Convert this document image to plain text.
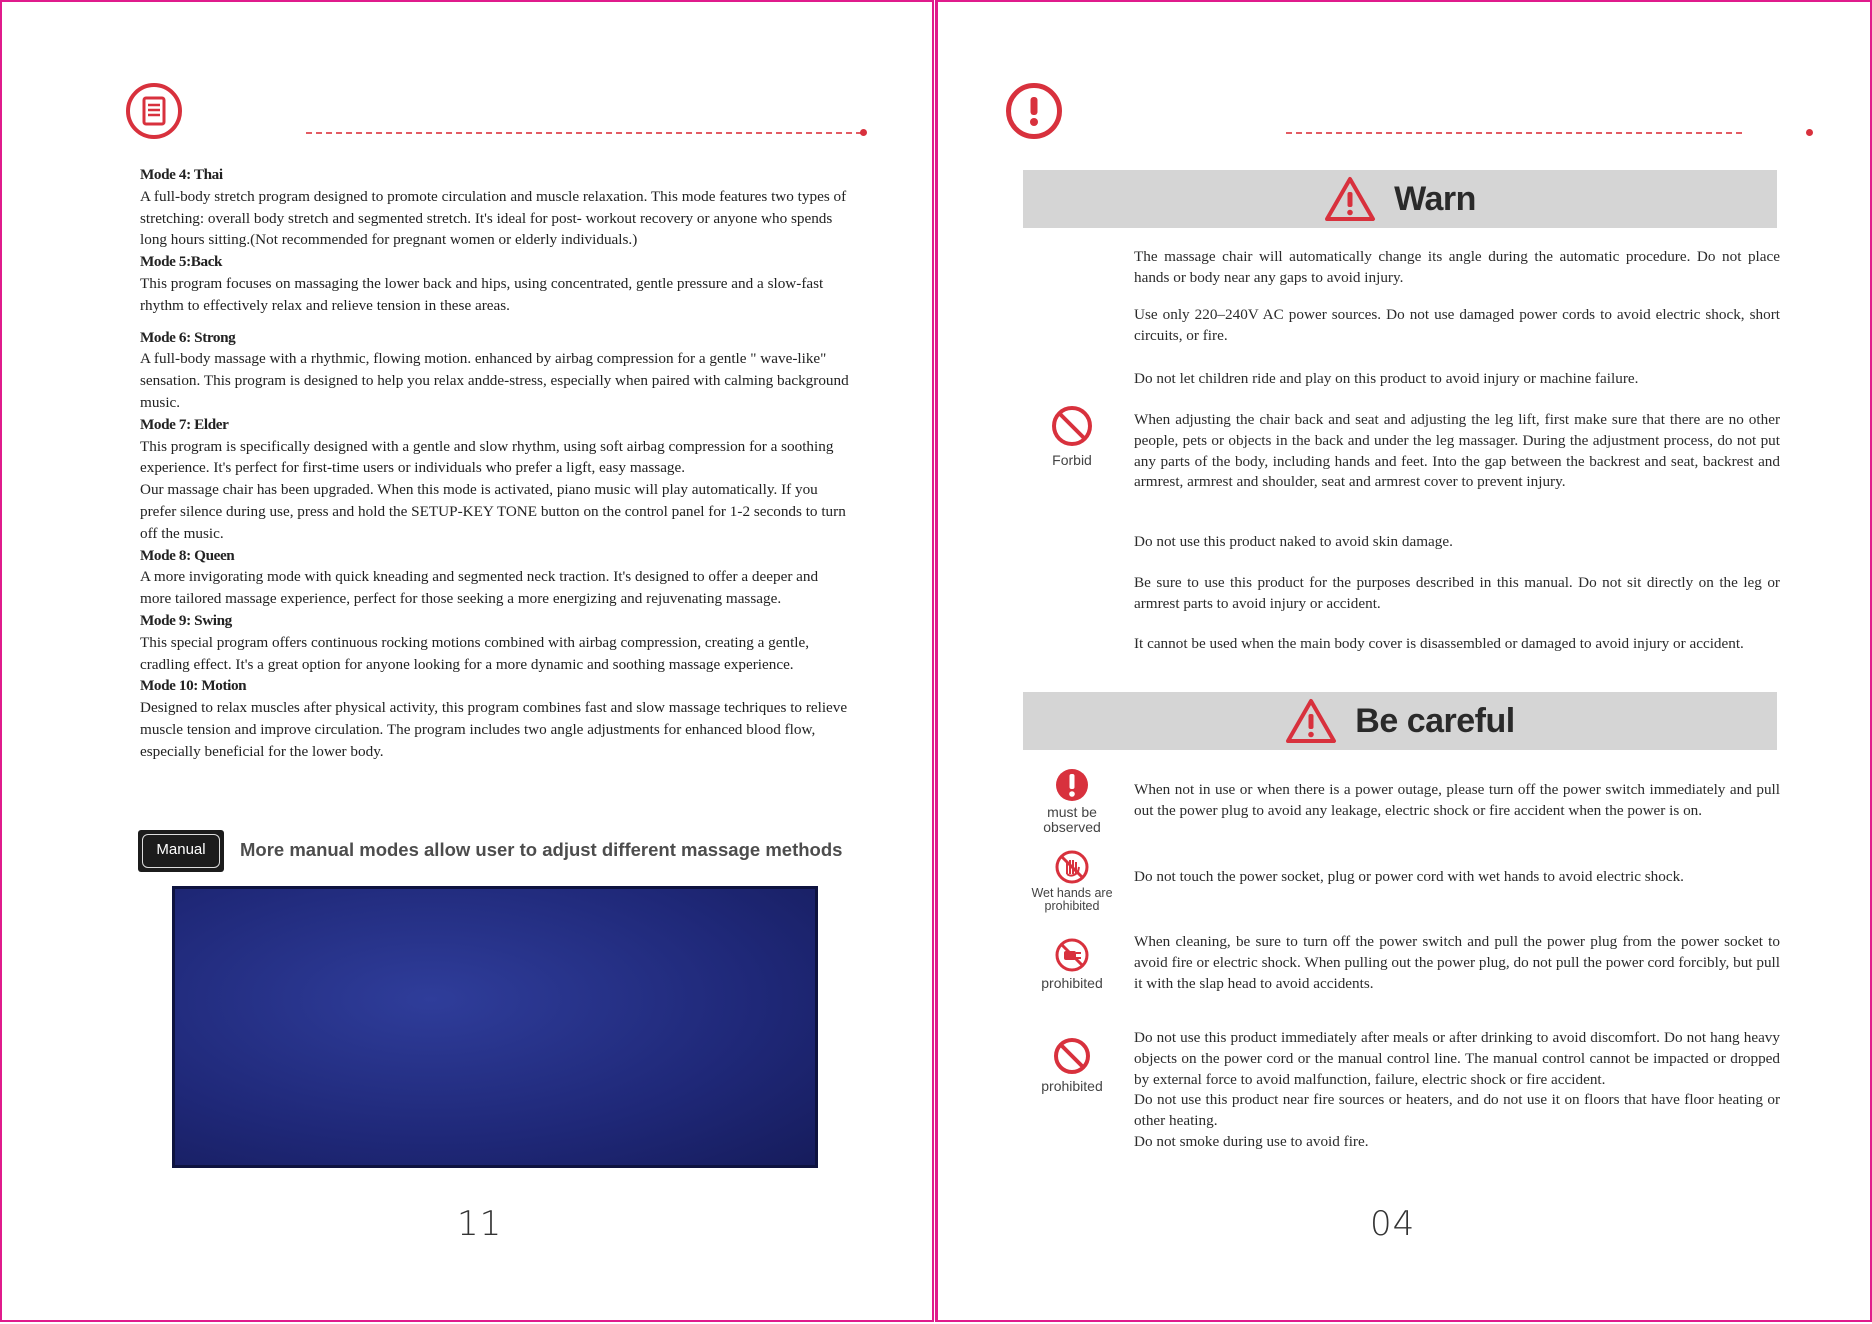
Mode 4: Thai

A full-body stretch program designed to promote circulation and muscle relaxation. This mode features two types of stretching: overall body stretch and segmented stretch. It's ideal for post- workout recovery or anyone who spends long hours sitting.(Not recommended for pregnant women or elderly individuals.)

Mode 5:Back

This program focuses on massaging the lower back and hips, using concentrated, gentle pressure and a slow-fast rhythm to effectively relax and relieve tension in these areas.

Mode 6: Strong

A full-body massage with a rhythmic, flowing motion. enhanced by airbag compression for a gentle " wave-like" sensation. This program is designed to help you relax andde-stress, especially when paired with calming background music.

Mode 7: Elder

This program is specifically designed with a gentle and slow rhythm, using soft airbag compression for a soothing experience. It's perfect for first-time users or individuals who prefer a ligft, easy massage.

Our massage chair has been upgraded. When this mode is activated, piano music will play automatically. If you prefer silence during use, press and hold the SETUP-KEY TONE button on the control panel for 1-2 seconds to turn off the music.

Mode 8: Queen

A more invigorating mode with quick kneading and segmented neck traction. It's designed to offer a deeper and more tailored massage experience, perfect for those seeking a more energizing and rejuvenating massage.

Mode 9: Swing

This special program offers continuous rocking motions combined with airbag compression, creating a gentle, cradling effect. It's a great option for anyone looking for a more dynamic and soothing massage experience.

Mode 10: Motion

Designed to relax muscles after physical activity, this program combines fast and slow massage techriques to relieve muscle tension and improve circulation. The program includes two angle adjustments for enhanced blood flow, especially beneficial for the lower body.

Manual	More manual modes allow user to adjust different massage methods
11
Warn
The massage chair will automatically change its angle during the automatic procedure. Do not place hands or body near any gaps to avoid injury.
Use only 220–240V AC power sources. Do not use damaged power cords to avoid electric shock, short circuits, or fire.
Do not let children ride and play on this product to avoid injury or machine failure.
When adjusting the chair back and seat and adjusting the leg lift, first make sure that there are no other people, pets or objects in the back and under the leg massager. During the adjustment process, do not put any parts of the body, including hands and feet. Into the gap between the backrest and seat, backrest and armrest, armrest and shoulder, seat and armrest cover to prevent injury.
Do not use this product naked to avoid skin damage.
Be sure to use this product for the purposes described in this manual. Do not sit directly on the leg or armrest parts to avoid injury or accident.
It cannot be used when the main body cover is disassembled or damaged to avoid injury or accident.
Forbid
Be careful
must be observed
When not in use or when there is a power outage, please turn off the power switch immediately and pull out the power plug to avoid any leakage, electric shock or fire accident when the power is on.
Wet hands are prohibited
Do not touch the power socket, plug or power cord with wet hands to avoid electric shock.
prohibited
When cleaning, be sure to turn off the power switch and pull the power plug from the power socket to avoid fire or electric shock. When pulling out the power plug, do not pull the power cord forcibly, but pull it with the slap head to avoid accidents.
prohibited

Do not use this product immediately after meals or after drinking to avoid discomfort. Do not hang heavy objects on the power cord or the manual control line. The manual control cannot be impacted or dropped by external force to avoid malfunction, failure, electric shock or fire accident.

Do not use this product near fire sources or heaters, and do not use it on floors that have floor heating or other heating.

Do not smoke during use to avoid fire.

04
